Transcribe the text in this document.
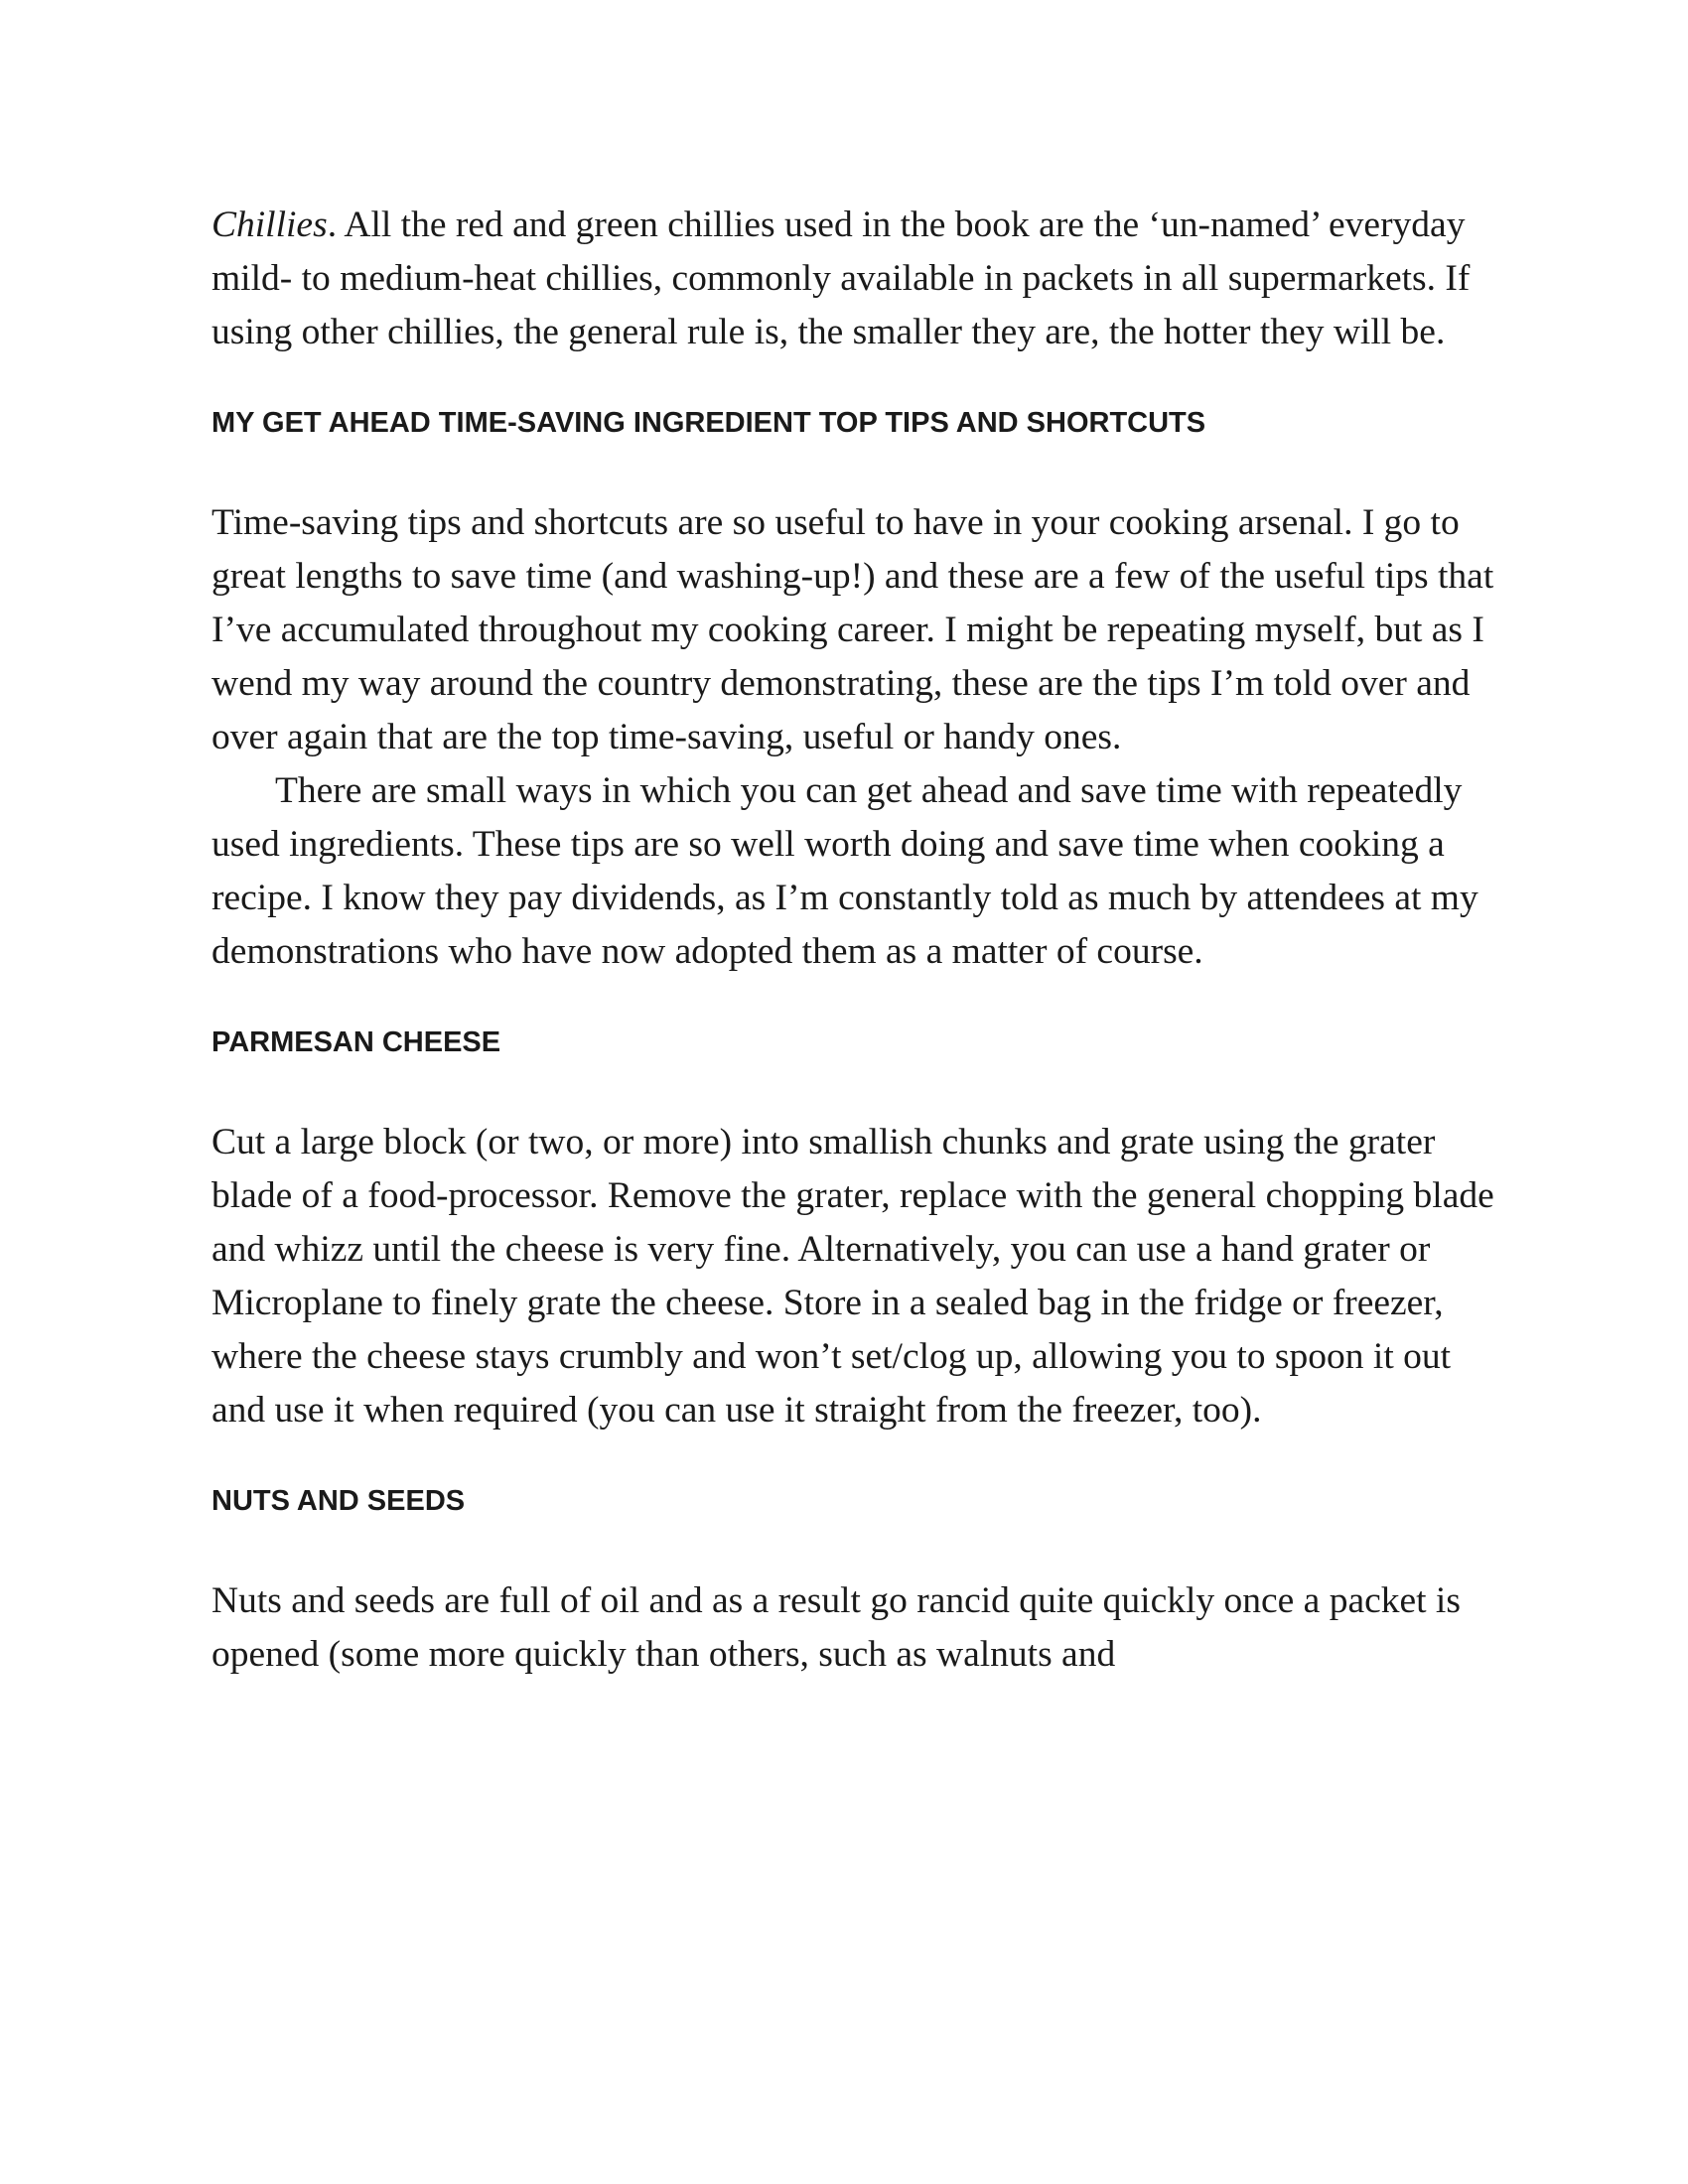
Chillies. All the red and green chillies used in the book are the ‘un-named’ everyday mild- to medium-heat chillies, commonly available in packets in all supermarkets. If using other chillies, the general rule is, the smaller they are, the hotter they will be.

MY GET AHEAD TIME-SAVING INGREDIENT TOP TIPS AND SHORTCUTS

Time-saving tips and shortcuts are so useful to have in your cooking arsenal. I go to great lengths to save time (and washing-up!) and these are a few of the useful tips that I’ve accumulated throughout my cooking career. I might be repeating myself, but as I wend my way around the country demonstrating, these are the tips I’m told over and over again that are the top time-saving, useful or handy ones.

There are small ways in which you can get ahead and save time with repeatedly used ingredients. These tips are so well worth doing and save time when cooking a recipe. I know they pay dividends, as I’m constantly told as much by attendees at my demonstrations who have now adopted them as a matter of course.

PARMESAN CHEESE

Cut a large block (or two, or more) into smallish chunks and grate using the grater blade of a food-processor. Remove the grater, replace with the general chopping blade and whizz until the cheese is very fine. Alternatively, you can use a hand grater or Microplane to finely grate the cheese. Store in a sealed bag in the fridge or freezer, where the cheese stays crumbly and won’t set/clog up, allowing you to spoon it out and use it when required (you can use it straight from the freezer, too).

NUTS AND SEEDS

Nuts and seeds are full of oil and as a result go rancid quite quickly once a packet is opened (some more quickly than others, such as walnuts and
